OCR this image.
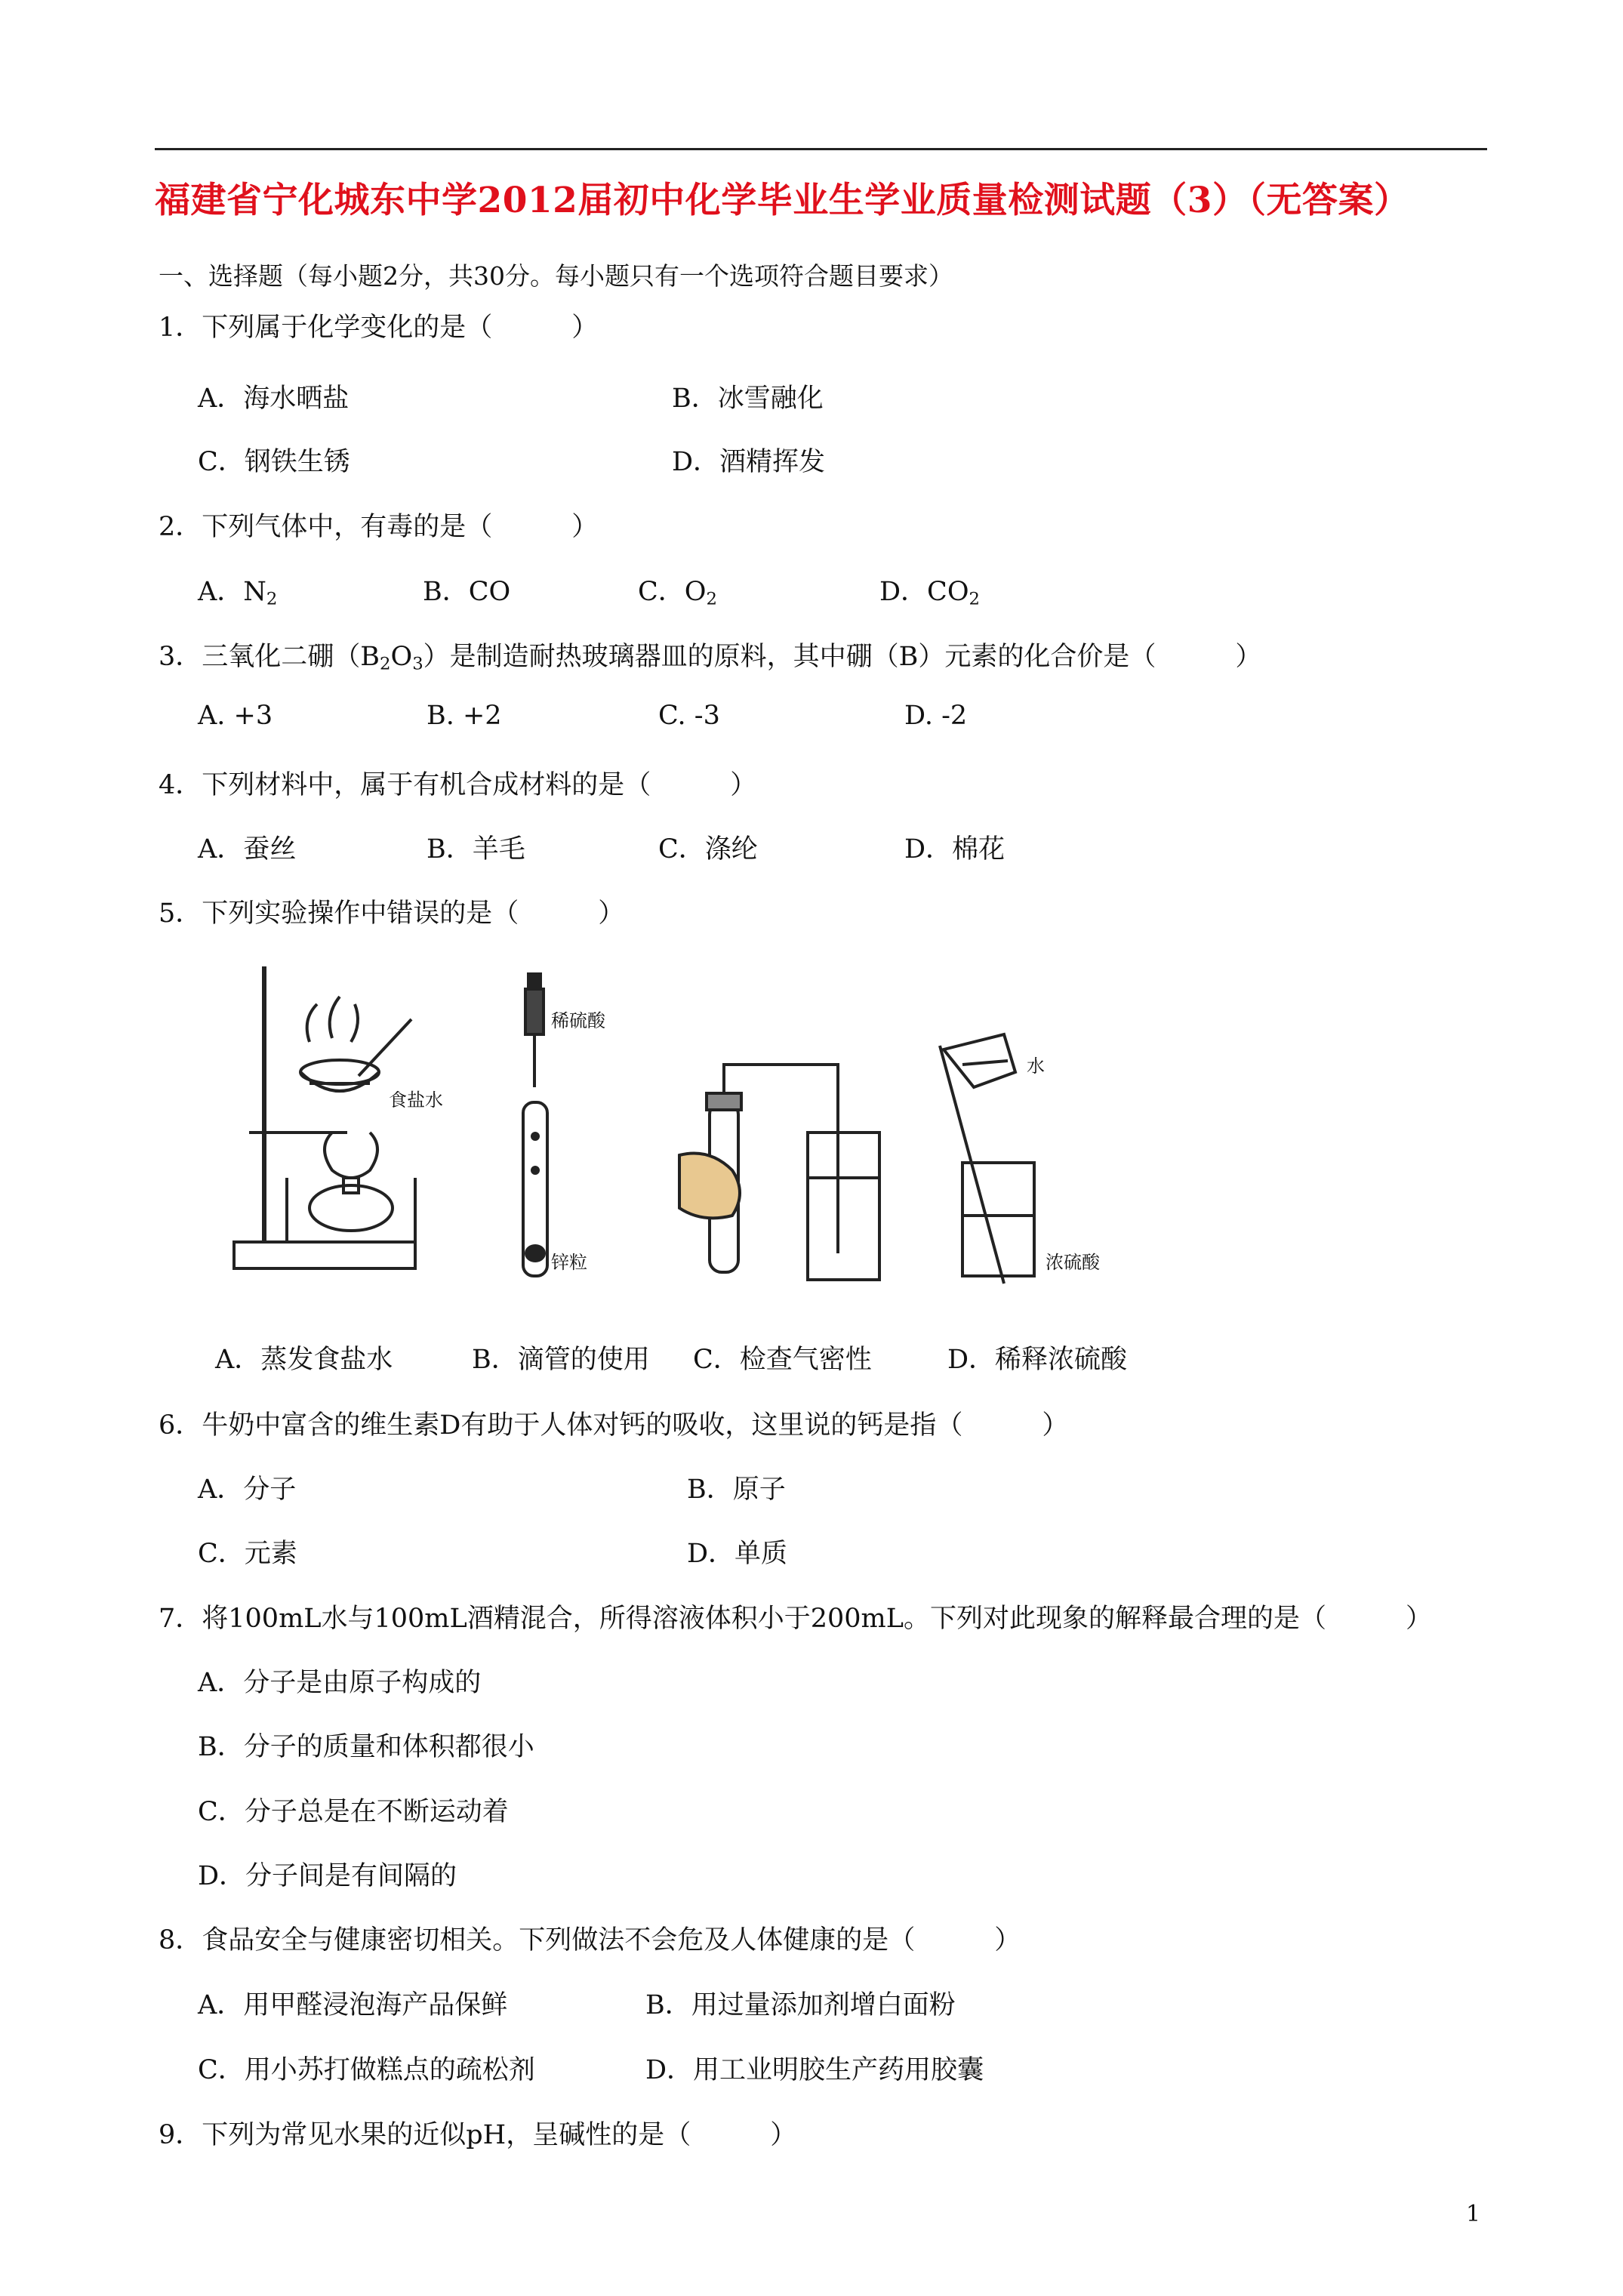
福建省宁化城东中学2012届初中化学毕业生学业质量检测试题（3）（无答案）
一、选择题（每小题2分，共30分。每小题只有一个选项符合题目要求）
1．下列属于化学变化的是（　　　）
A．海水晒盐	B．冰雪融化
C．钢铁生锈	D．酒精挥发
2．下列气体中，有毒的是（　　　）
A．$N_2$	B．CO	C．$O_2$	D．$CO_2$
3．三氧化二硼$(B_2O_3)$是制造耐热玻璃器皿的原料，其中硼（B）元素的化合价是（　　　）
A. +3	B. +2	C. -3	D. -2
4．下列材料中，属于有机合成材料的是（　　　）
A．蚕丝	B．羊毛	C．涤纶	D．棉花
5．下列实验操作中错误的是（　　　）
食盐水
稀硫酸
锌粒
水
浓硫酸
A．蒸发食盐水	B．滴管的使用 C．检查气密性	D．稀释浓硫酸
6．牛奶中富含的维生素D有助于人体对钙的吸收，这里说的钙是指（　　　）
A．分子	B．原子
C．元素	D．单质
7．将100mL水与100mL酒精混合，所得溶液体积小于200mL。下列对此现象的解释最合理的是（　　　）
A．分子是由原子构成的
B．分子的质量和体积都很小
C．分子总是在不断运动着
D．分子间是有间隔的
8．食品安全与健康密切相关。下列做法不会危及人体健康的是（　　　）
A．用甲醛浸泡海产品保鲜	B．用过量添加剂增白面粉
C．用小苏打做糕点的疏松剂	D．用工业明胶生产药用胶囊
9．下列为常见水果的近似pH，呈碱性的是（　　　）
1
